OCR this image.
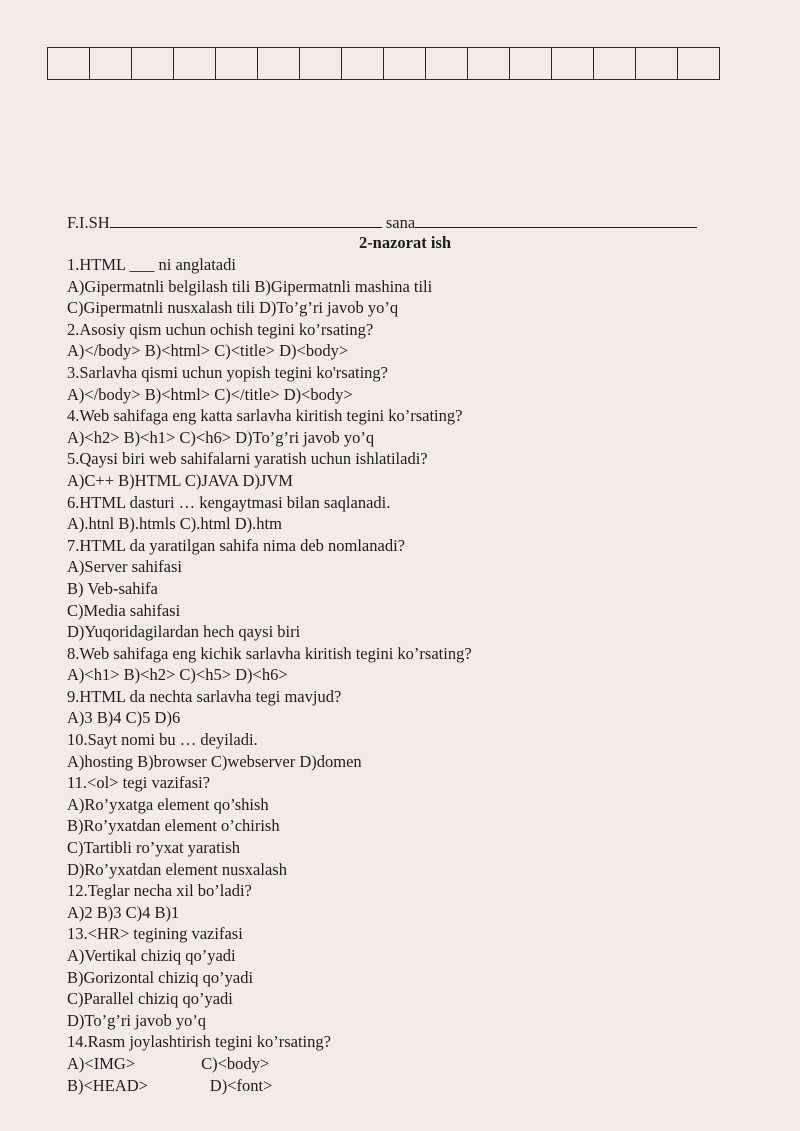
F.I.SH	sana
2-nazorat ish
1.HTML ___ ni anglatadi
A)Gipermatnli belgilash tili B)Gipermatnli mashina tili
C)Gipermatnli nusxalash tili D)To’g’ri javob yo’q
2.Asosiy qism uchun ochish tegini ko’rsating?
A)</body> B)<html> C)<title> D)<body>
3.Sarlavha qismi uchun yopish tegini ko'rsating?
A)</body> B)<html> C)</title> D)<body>
4.Web sahifaga eng katta sarlavha kiritish tegini ko’rsating?
A)<h2> B)<h1> C)<h6> D)To’g’ri javob yo’q
5.Qaysi biri web sahifalarni yaratish uchun ishlatiladi?
A)C++ B)HTML C)JAVA D)JVM
6.HTML dasturi … kengaytmasi bilan saqlanadi.
A).htnl B).htmls C).html D).htm
7.HTML da yaratilgan sahifa nima deb nomlanadi?
A)Server sahifasi
B) Veb-sahifa
C)Media sahifasi
D)Yuqoridagilardan hech qaysi biri
8.Web sahifaga eng kichik sarlavha kiritish tegini ko’rsating?
A)<h1> B)<h2> C)<h5> D)<h6>
9.HTML da nechta sarlavha tegi mavjud?
A)3 B)4 C)5 D)6
10.Sayt nomi bu … deyiladi.
A)hosting B)browser C)webserver D)domen
11.<ol> tegi vazifasi?
A)Ro’yxatga element qo’shish
B)Ro’yxatdan element o’chirish
C)Tartibli ro’yxat yaratish
D)Ro’yxatdan element nusxalash
12.Teglar necha xil bo’ladi?
A)2 B)3 C)4 B)1
13.<HR> tegining vazifasi
A)Vertikal chiziq qo’yadi
B)Gorizontal chiziq qo’yadi
C)Parallel chiziq qo’yadi
D)To’g’ri javob yo’q
14.Rasm joylashtirish tegini ko’rsating?
A)<IMG>                C)<body>
B)<HEAD>               D)<font>
